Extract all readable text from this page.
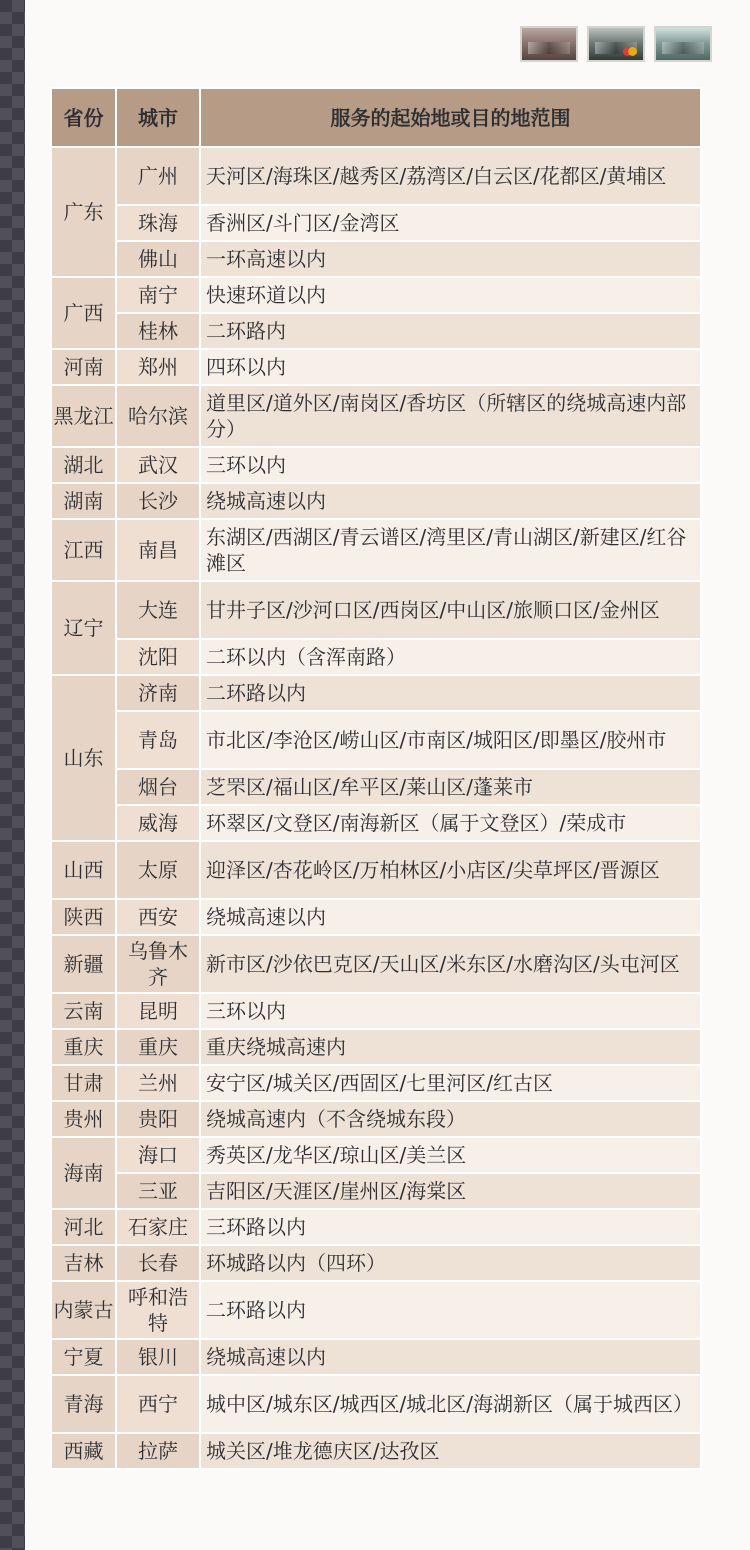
省份	城市	服务的起始地或目的地范围
广东	广州	天河区/海珠区/越秀区/荔湾区/白云区/花都区/黄埔区
	珠海	香洲区/斗门区/金湾区
	佛山	一环高速以内
广西	南宁	快速环道以内
	桂林	二环路内
河南	郑州	四环以内
黑龙江	哈尔滨	道里区/道外区/南岗区/香坊区（所辖区的绕城高速内部分）
湖北	武汉	三环以内
湖南	长沙	绕城高速以内
江西	南昌	东湖区/西湖区/青云谱区/湾里区/青山湖区/新建区/红谷滩区
辽宁	大连	甘井子区/沙河口区/西岗区/中山区/旅顺口区/金州区
	沈阳	二环以内（含浑南路）
山东	济南	二环路以内
	青岛	市北区/李沧区/崂山区/市南区/城阳区/即墨区/胶州市
	烟台	芝罘区/福山区/牟平区/莱山区/蓬莱市
	威海	环翠区/文登区/南海新区（属于文登区）/荣成市
山西	太原	迎泽区/杏花岭区/万柏林区/小店区/尖草坪区/晋源区
陕西	西安	绕城高速以内
新疆	乌鲁木齐	新市区/沙依巴克区/天山区/米东区/水磨沟区/头屯河区
云南	昆明	三环以内
重庆	重庆	重庆绕城高速内
甘肃	兰州	安宁区/城关区/西固区/七里河区/红古区
贵州	贵阳	绕城高速内（不含绕城东段）
海南	海口	秀英区/龙华区/琼山区/美兰区
	三亚	吉阳区/天涯区/崖州区/海棠区
河北	石家庄	三环路以内
吉林	长春	环城路以内（四环）
内蒙古	呼和浩特	二环路以内
宁夏	银川	绕城高速以内
青海	西宁	城中区/城东区/城西区/城北区/海湖新区（属于城西区）
西藏	拉萨	城关区/堆龙德庆区/达孜区
